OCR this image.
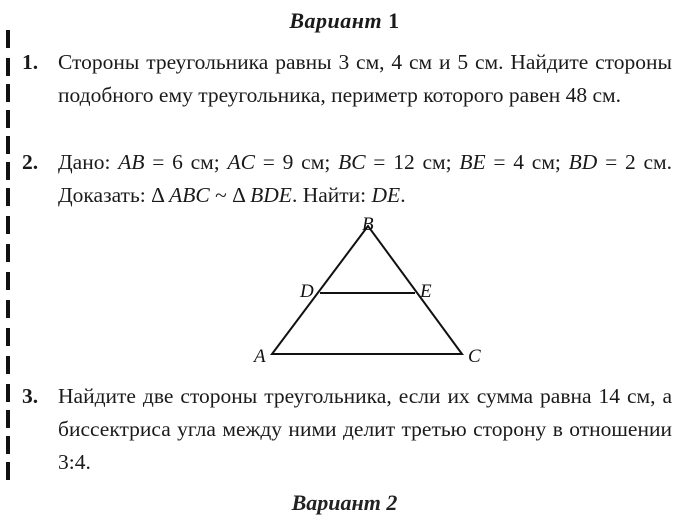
Вариант 1
1. Стороны треугольника равны 3 см, 4 см и 5 см. Найдите стороны подобного ему треугольника, периметр которого равен 48 см.
2. Дано: AB = 6 см; AC = 9 см; BC = 12 см; BE = 4 см; BD = 2 см. Доказать: Δ ABC ~ Δ BDE. Найти: DE.
B
D	E
A	C
3. Найдите две стороны треугольника, если их сумма равна 14 см, а биссектриса угла между ними делит третью сторону в отношении 3:4.
Вариант 2
